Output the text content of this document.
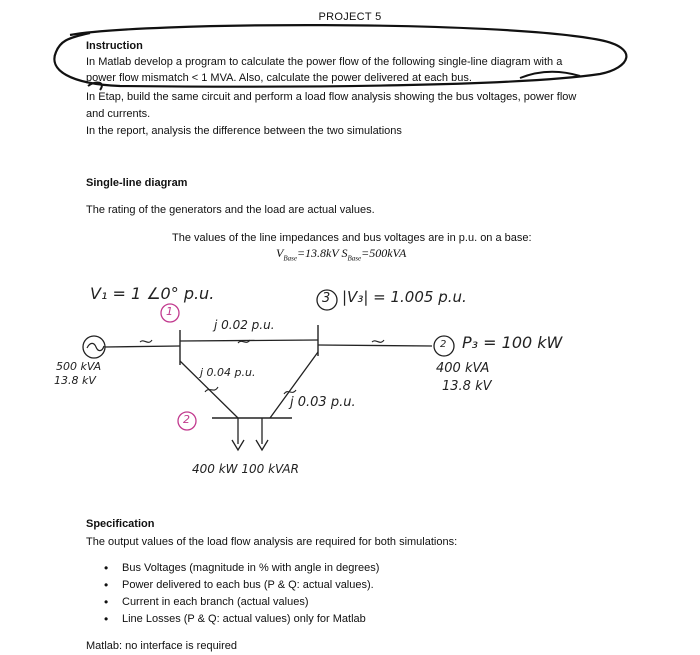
PROJECT 5
Instruction
In Matlab develop a program to calculate the power flow of the following single-line diagram with a
power flow mismatch < 1 MVA. Also, calculate the power delivered at each bus.
In Etap, build the same circuit and perform a load flow analysis showing the bus voltages, power flow
and currents.
In the report, analysis the difference between the two simulations
Single-line diagram
The rating of the generators and the load are actual values.
The values of the line impedances and bus voltages are in p.u. on a base:
$V_{Base}=13.8kV$ $S_{Base}=500kVA$
V₁ = 1 ∠0° p.u.
1
2
3 |V₃| = 1.005 p.u.
j 0.02 p.u.
j 0.04 p.u.
j 0.03 p.u.
2 P₃ = 100 kW
400 kVA
13.8 kV
500 kVA
13.8 kV
400 kW 100 kVAR
Specification
The output values of the load flow analysis are required for both simulations:
• Bus Voltages (magnitude in % with angle in degrees)
• Power delivered to each bus (P & Q: actual values).
• Current in each branch (actual values)
• Line Losses (P & Q: actual values) only for Matlab
Matlab: no interface is required
